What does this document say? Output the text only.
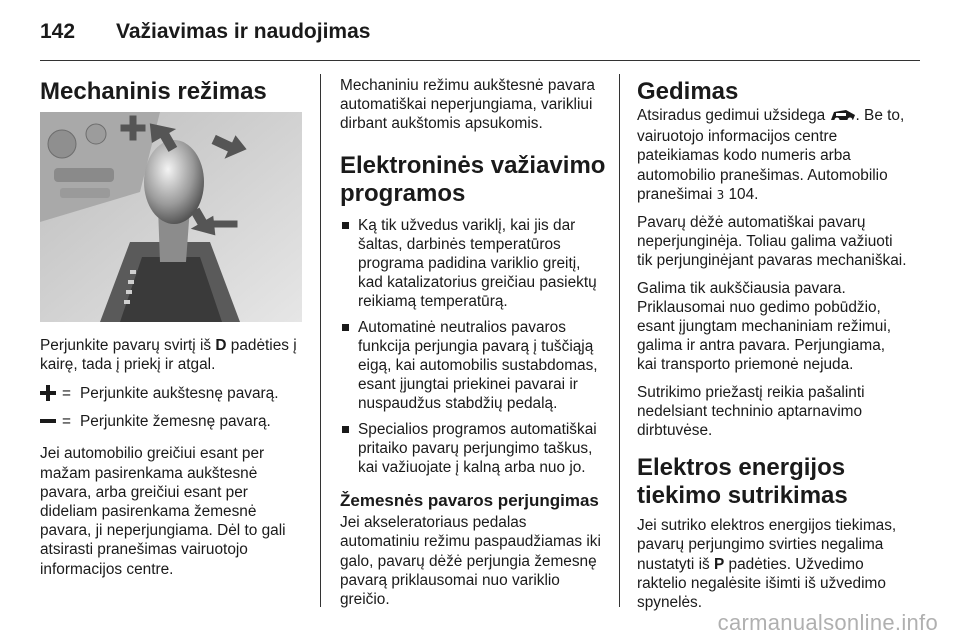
142 Važiavimas ir naudojimas
Mechaninis režimas

Perjunkite pavarų svirtį iš D padėties į kairę, tada į priekį ir atgal.

= Perjunkite aukštesnę pavarą.
= Perjunkite žemesnę pavarą.

Jei automobilio greičiui esant per mažam pasirenkama aukštesnė pavara, arba greičiui esant per dideliam pasirenkama žemesnė pavara, ji neperjungiama. Dėl to gali atsirasti pranešimas vairuotojo informacijos centre.

Mechaniniu režimu aukštesnė pavara automatiškai neperjungiama, varikliui dirbant aukštomis apsukomis.

Elektroninės važiavimo programos
Ką tik užvedus variklį, kai jis dar šaltas, darbinės temperatūros programa padidina variklio greitį, kad katalizatorius greičiau pasiektų reikiamą temperatūrą.
Automatinė neutralios pavaros funkcija perjungia pavarą į tuščiąją eigą, kai automobilis sustabdomas, esant įjungtai priekinei pavarai ir nuspaudžus stabdžių pedalą.
Specialios programos automatiškai pritaiko pavarų perjungimo taškus, kai važiuojate į kalną arba nuo jo.
Žemesnės pavaros perjungimas

Jei akseleratoriaus pedalas automatiniu režimu paspaudžiamas iki galo, pavarų dėžė perjungia žemesnę pavarą priklausomai nuo variklio greičio.

Gedimas

Atsiradus gedimui užsidega . Be to, vairuotojo informacijos centre pateikiamas kodo numeris arba automobilio pranešimas. Automobilio pranešimai 3 104.

Pavarų dėžė automatiškai pavarų neperjunginėja. Toliau galima važiuoti tik perjunginėjant pavaras mechaniškai.

Galima tik aukščiausia pavara. Priklausomai nuo gedimo pobūdžio, esant įjungtam mechaniniam režimui, galima ir antra pavara. Perjungiama, kai transporto priemonė nejuda.

Sutrikimo priežastį reikia pašalinti nedelsiant techninio aptarnavimo dirbtuvėse.

Elektros energijos tiekimo sutrikimas

Jei sutriko elektros energijos tiekimas, pavarų perjungimo svirties negalima nustatyti iš P padėties. Užvedimo raktelio negalėsite išimti iš užvedimo spynelės.

carmanualsonline.info
